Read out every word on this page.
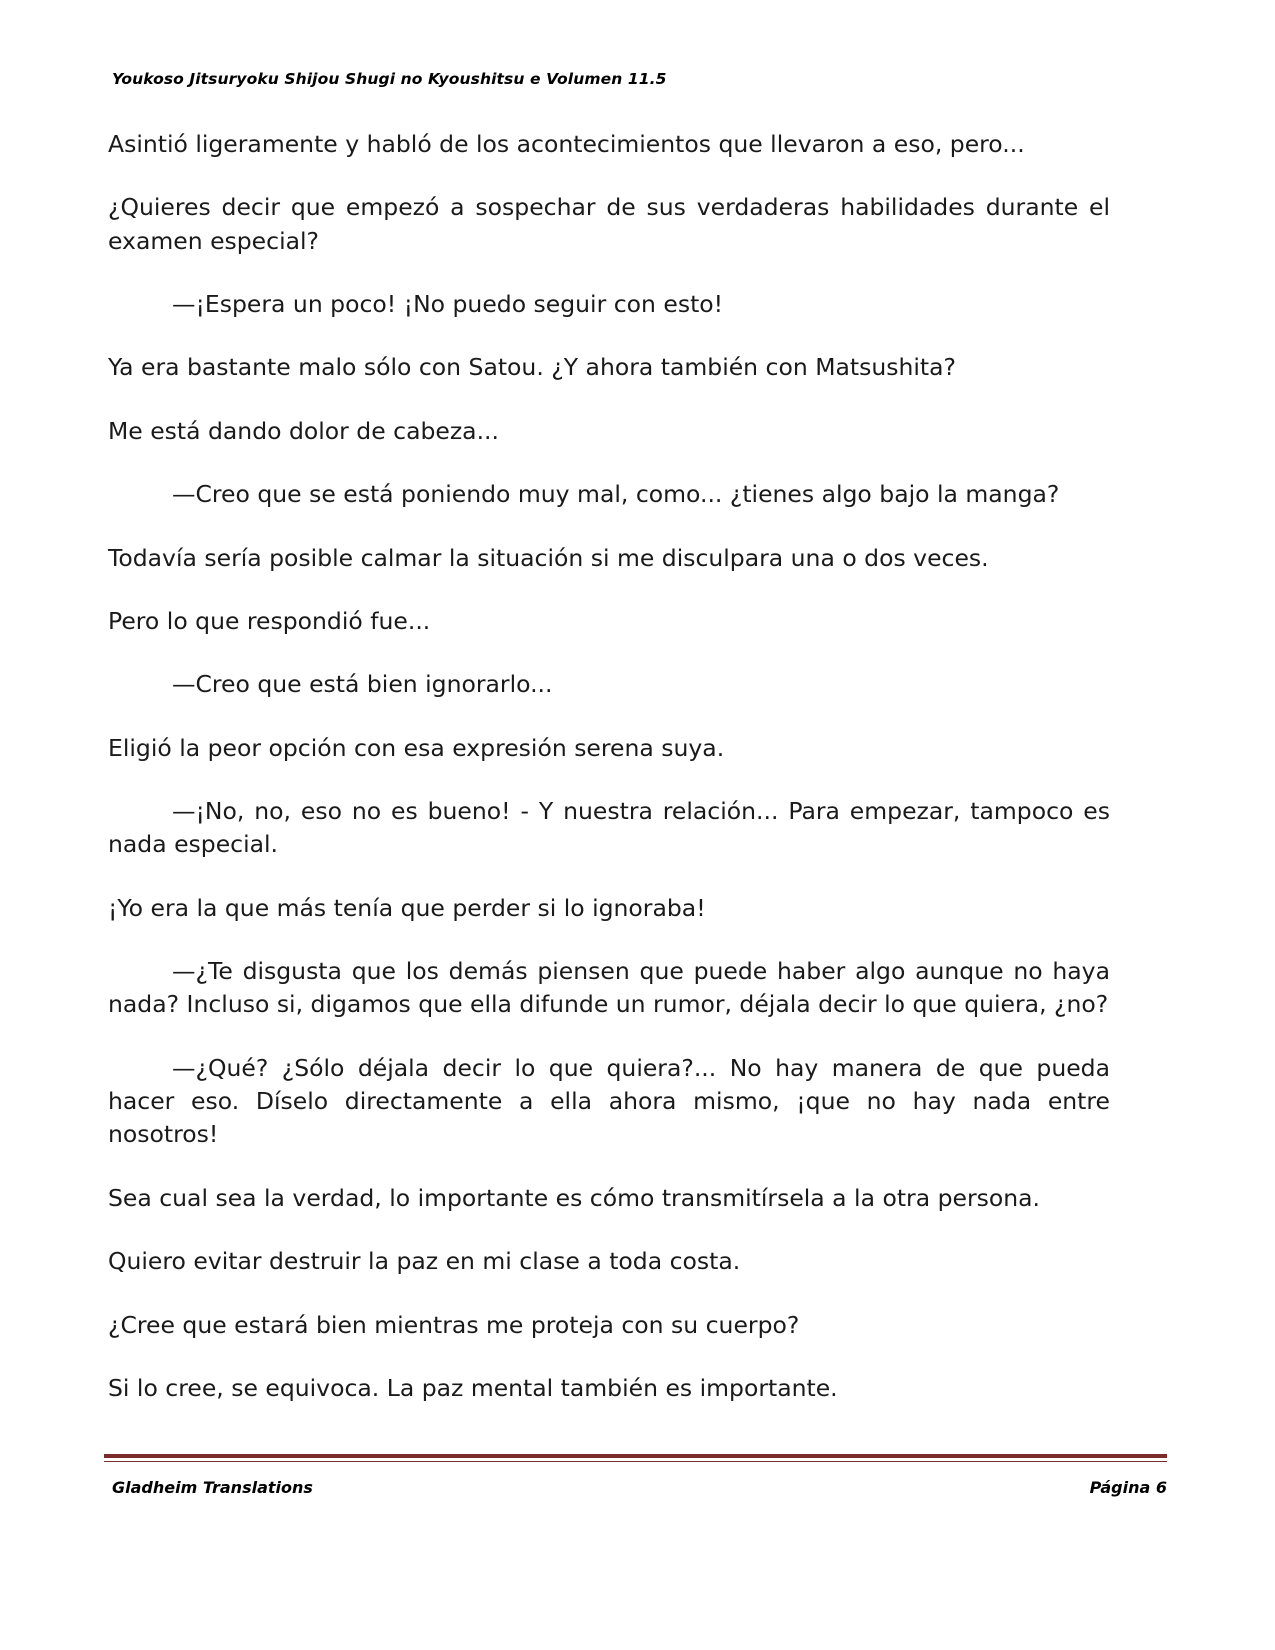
Youkoso Jitsuryoku Shijou Shugi no Kyoushitsu e Volumen 11.5

Asintió ligeramente y habló de los acontecimientos que llevaron a eso, pero...

¿Quieres decir que empezó a sospechar de sus verdaderas habilidades durante el examen especial?

—¡Espera un poco! ¡No puedo seguir con esto!

Ya era bastante malo sólo con Satou. ¿Y ahora también con Matsushita?

Me está dando dolor de cabeza...

—Creo que se está poniendo muy mal, como... ¿tienes algo bajo la manga?

Todavía sería posible calmar la situación si me disculpara una o dos veces.

Pero lo que respondió fue...

—Creo que está bien ignorarlo...

Eligió la peor opción con esa expresión serena suya.

—¡No, no, eso no es bueno! - Y nuestra relación... Para empezar, tampoco es nada especial.

¡Yo era la que más tenía que perder si lo ignoraba!

—¿Te disgusta que los demás piensen que puede haber algo aunque no haya nada? Incluso si, digamos que ella difunde un rumor, déjala decir lo que quiera, ¿no?

—¿Qué? ¿Sólo déjala decir lo que quiera?... No hay manera de que pueda hacer eso. Díselo directamente a ella ahora mismo, ¡que no hay nada entre nosotros!

Sea cual sea la verdad, lo importante es cómo transmitírsela a la otra persona.

Quiero evitar destruir la paz en mi clase a toda costa.

¿Cree que estará bien mientras me proteja con su cuerpo?

Si lo cree, se equivoca. La paz mental también es importante.

Gladheim Translations	Página 6
